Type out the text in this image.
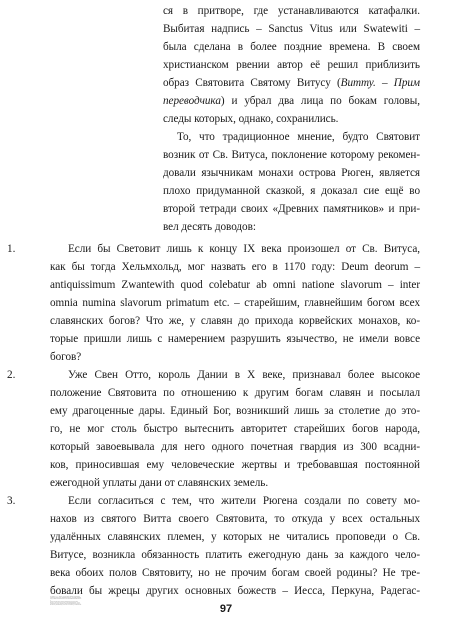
ся в притворе, где устанавливаются катафалки.
Выбитая надпись – Sanctus Vitus или Swatewiti –
была сделана в более поздние времена. В своем
христианском рвении автор её решил приблизить
образ Святовита Святому Витусу (Витту. – Прим
переводчика) и убрал два лица по бокам головы,
следы которых, однако, сохранились.
То, что традиционное мнение, будто Святовит
возник от Св. Витуса, поклонение которому рекомен-
довали язычникам монахи острова Рюген, является
плохо придуманной сказкой, я доказал сие ещё во
второй тетради своих «Древних памятников» и при-
вел десять доводов:
1.	Если бы Световит лишь к концу IX века произошел от Св. Витуса,
как бы тогда Хельмхольд, мог назвать его в 1170 году: Deum deorum –
antiquissimum Zwantewith quod colebatur ab omni natione slavorum – inter
omnia numina slavorum primatum etc. – старейшим, главнейшим богом всех
славянских богов? Что же, у славян до прихода корвейских монахов, ко-
торые пришли лишь с намерением разрушить язычество, не имели вовсе
богов?
2.	Уже Свен Отто, король Дании в X веке, признавал более высокое
положение Святовита по отношению к другим богам славян и посылал
ему драгоценные дары. Единый Бог, возникший лишь за столетие до это-
го, не мог столь быстро вытеснить авторитет старейших богов народа,
который завоевывала для него одного почетная гвардия из 300 всадни-
ков, приносившая ему человеческие жертвы и требовавшая постоянной
ежегодной уплаты дани от славянских земель.
3.	Если согласиться с тем, что жители Рюгена создали по совету мо-
нахов из святого Витта своего Святовита, то откуда у всех остальных
удалённых славянских племен, у которых не читались проповеди о Св.
Витусе, возникла обязанность платить ежегодную дань за каждого чело-
века обоих полов Святовиту, но не прочим богам своей родины? Не тре-
бовали бы жрецы других основных божеств – Иесса, Перкуна, Радегас-
та, Яровита и т. п. – такой же дани для своих храмовых сокровищниц?
Хельмхольд говорит: unde etiam nostra adhuc aetate, non solum Wagirensis
terra, sed omnes slavorum provinciae illuc tributa annuatim transmittebant etc.
4.
Откуда жителям Рюгена пришла странная мысль приделать свято-
му Витту, о мученичестве коего им читали проповеди монахи, четыре
головы вместо одной и превратить юношеский образ святого, который,
как известно, был ребенком, в столь могучего великана, что королю Валь-	97
